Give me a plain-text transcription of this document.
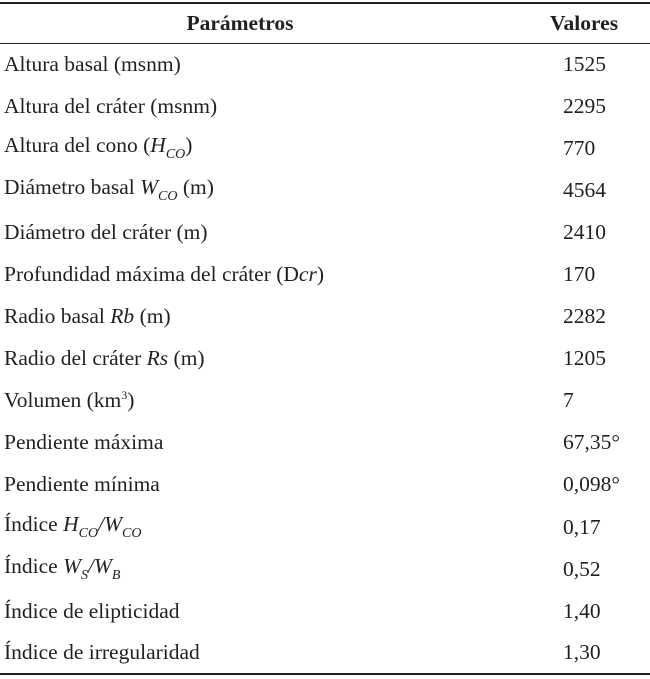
Parámetros	Valores
Altura basal (msnm)	1525
Altura del cráter (msnm)	2295
Altura del cono $(H_{CO})$	770
Diámetro basal $W_{CO}$ (m)	4564
Diámetro del cráter (m)	2410
Profundidad máxima del cráter (Dcr)	170
Radio basal Rb (m)	2282
Radio del cráter Rs (m)	1205
Volumen $(km^3)$	7
Pendiente máxima	67,35°
Pendiente mínima	0,098°
Índice $H_{CO}/W_{CO}$	0,17
Índice $W_S/W_B$	0,52
Índice de elipticidad	1,40
Índice de irregularidad	1,30
